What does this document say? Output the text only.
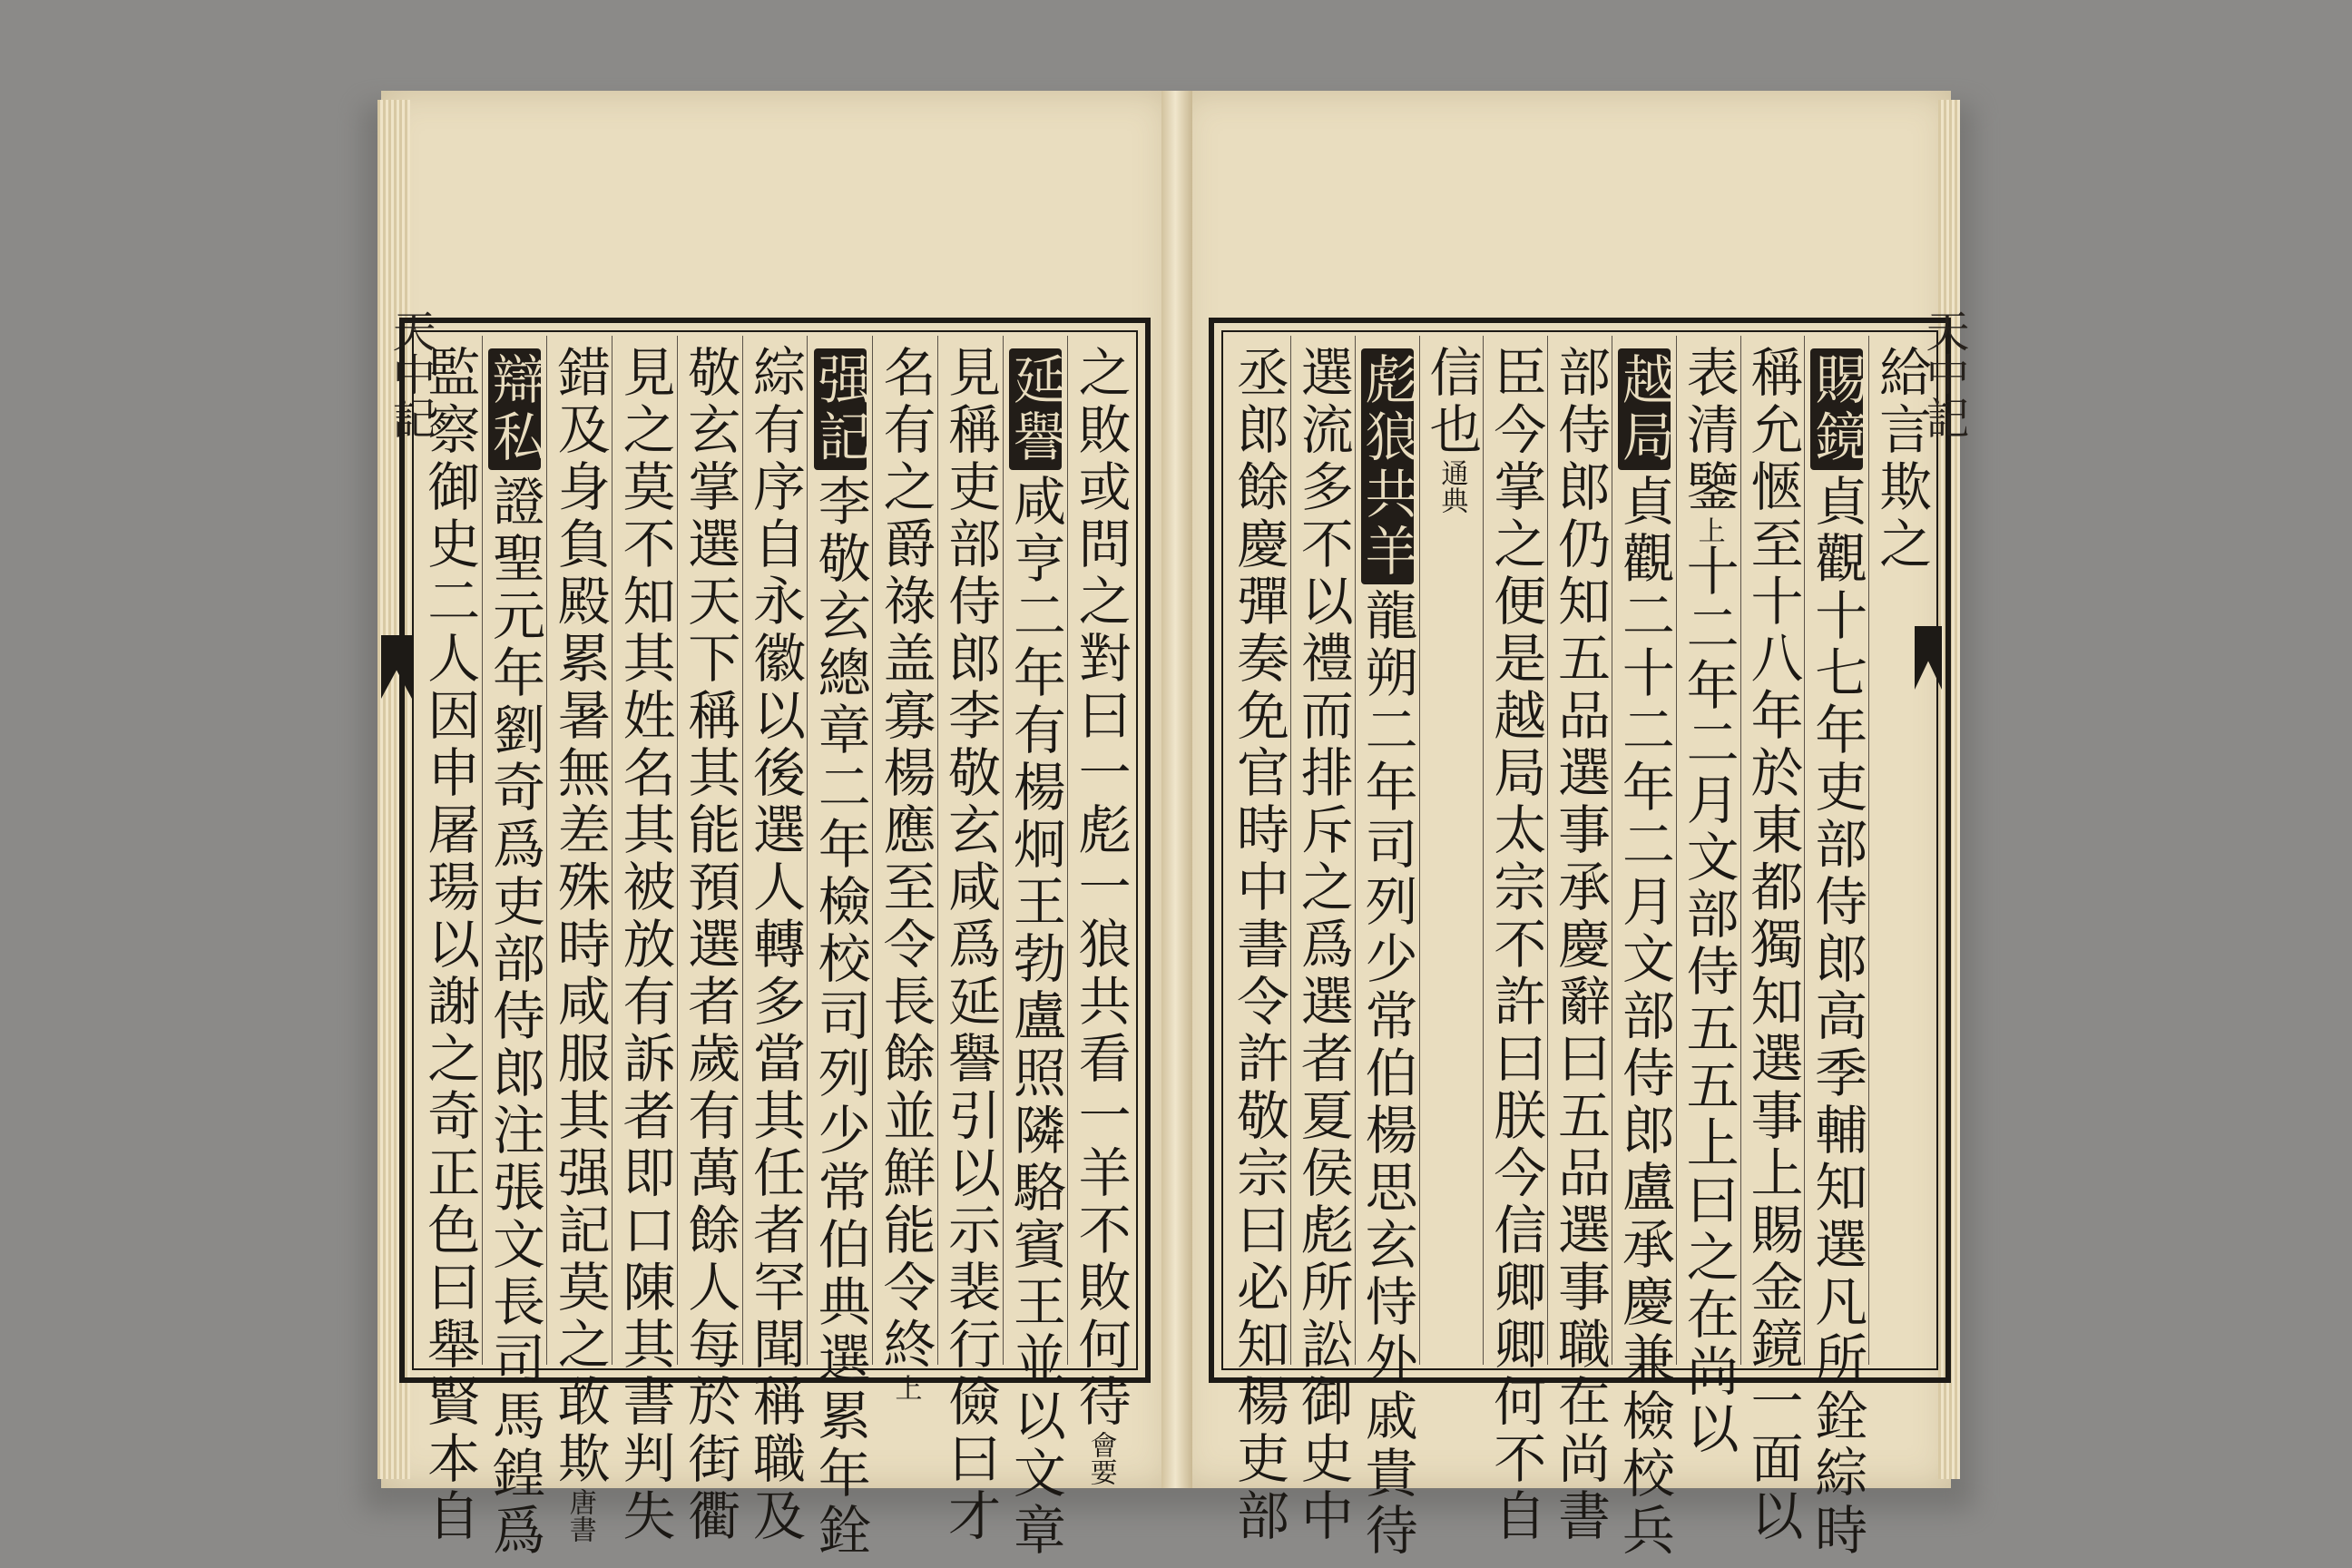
天中記	之敗或問之對曰一彪一狼共看一羊不敗何待
會要
延譽
咸亨二年有楊炯王勃盧照隣駱賓王並以文章
見稱吏部侍郎李敬玄咸爲延譽引以示裴行儉曰才
名有之爵祿盖寡楊應至令長餘並鮮能令終
上
强記
李敬玄總章二年檢校司列少常伯典選累年銓
綜有序自永徽以後選人轉多當其任者罕聞稱職及
敬玄掌選天下稱其能預選者歲有萬餘人每於街衢
見之莫不知其姓名其被放有訴者即口陳其書判失
錯及身負殿累暑無差殊時咸服其强記莫之敢欺
唐書
辯私
證聖元年劉奇爲吏部侍郎注張文長司馬鍠爲
監察御史二人因申屠瑒以謝之奇正色曰舉賢本自	給言欺之
賜鏡
貞觀十七年吏部侍郎高季輔知選凡所銓綜時
稱允愜至十八年於東都獨知選事上賜金鏡一面以
表清鑒
上
十二年二月文部侍五五上曰之在尚以
越局
貞觀二十二年二月文部侍郎盧承慶兼檢校兵
部侍郎仍知五品選事承慶辭曰五品選事職在尚書
臣今掌之便是越局太宗不許曰朕今信卿卿何不自
信也
通典
彪狼共羊
龍朔二年司列少常伯楊思玄恃外戚貴待
選流多不以禮而排斥之爲選者夏侯彪所訟御史中
丞郎餘慶彈奏免官時中書令許敬宗曰必知楊吏部	天中記
